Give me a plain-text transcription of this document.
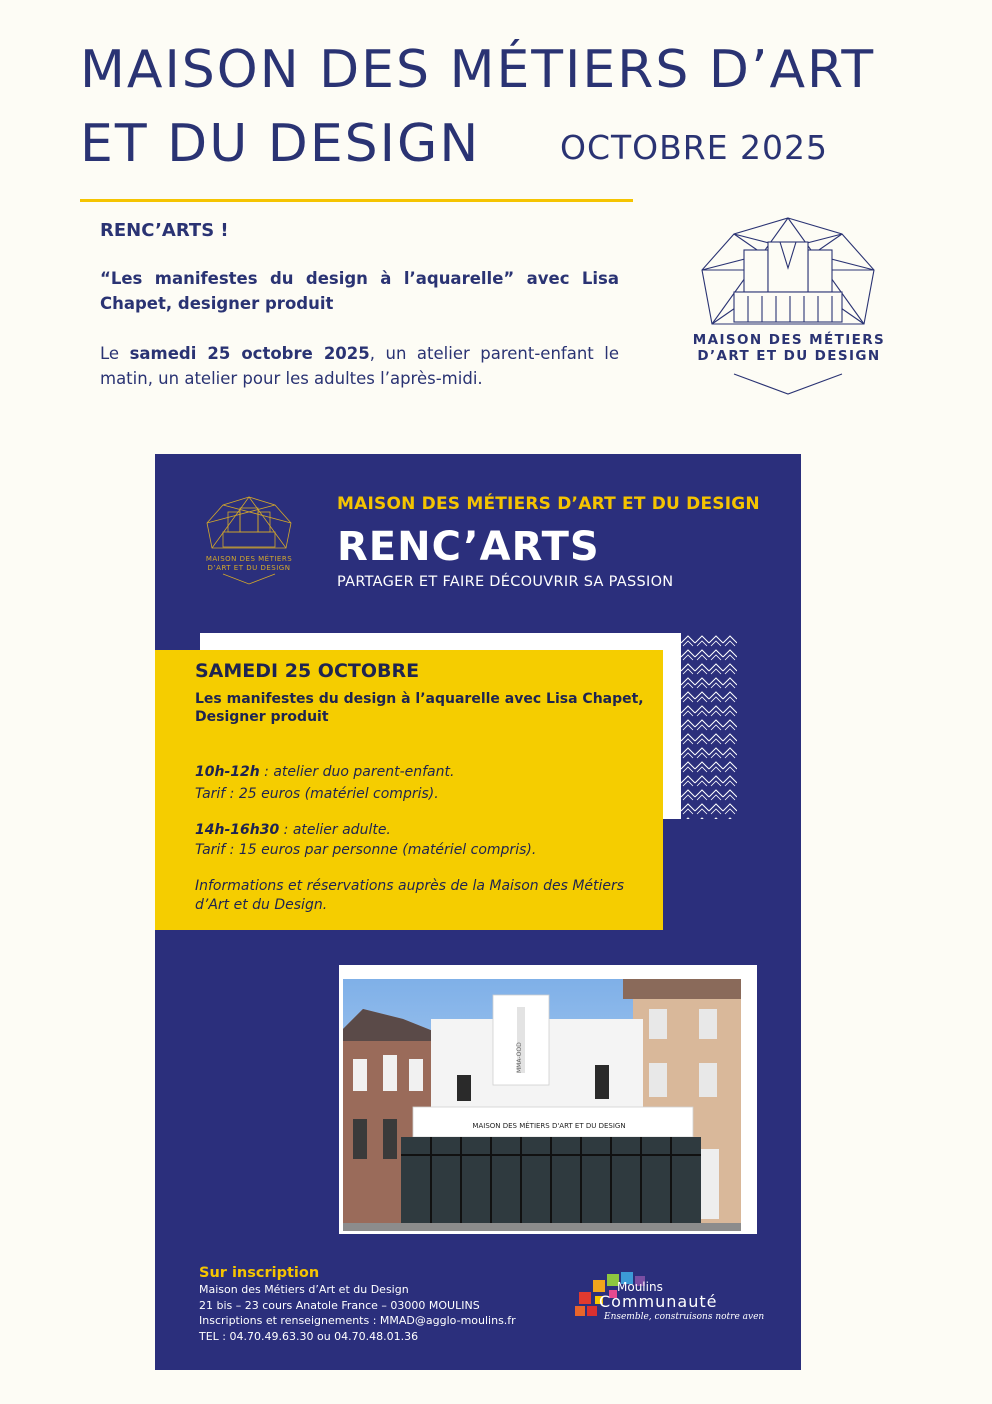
MAISON DES MÉTIERS D’ART
ET DU DESIGN OCTOBRE 2025
RENC’ARTS !
“Les manifestes du design à l’aquarelle” avec Lisa Chapet, designer produit
Le samedi 25 octobre 2025, un atelier parent-enfant le matin, un atelier pour les adultes l’après-midi.
MAISON DES MÉTIERS
D’ART ET DU DESIGN
MAISON DES MÉTIERS
D’ART ET DU DESIGN
MAISON DES MÉTIERS D’ART ET DU DESIGN
RENC’ARTS
PARTAGER ET FAIRE DÉCOUVRIR SA PASSION
SAMEDI 25 OCTOBRE
Les manifestes du design à l’aquarelle avec Lisa Chapet,
Designer produit
10h-12h : atelier duo parent-enfant.
Tarif : 25 euros (matériel compris).
14h-16h30 : atelier adulte.
Tarif : 15 euros par personne (matériel compris).
Informations et réservations auprès de la Maison des Métiers
d’Art et du Design.
MAISON DES MÉTIERS D'ART ET DU DESIGN
MMA-OOD
Sur inscription
Maison des Métiers d’Art et du Design
21 bis – 23 cours Anatole France – 03000 MOULINS
Inscriptions et renseignements : MMAD@agglo-moulins.fr
TEL : 04.70.49.63.30 ou 04.70.48.01.36
Moulins
Communauté
Ensemble, construisons notre aven
